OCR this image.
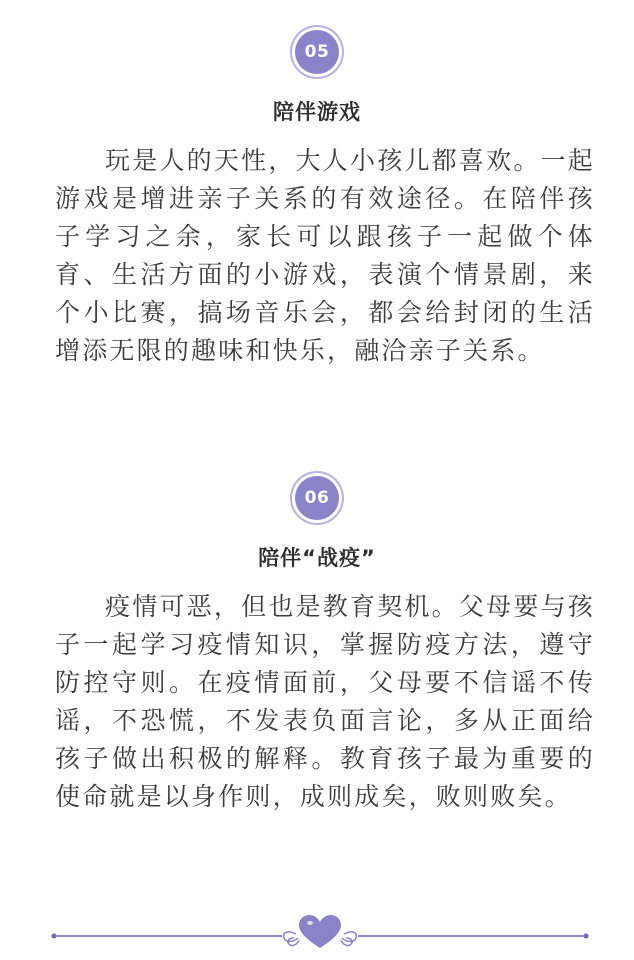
05
陪伴游戏

玩是人的天性，大人小孩儿都喜欢。一起游戏是增进亲子关系的有效途径。在陪伴孩子学习之余，家长可以跟孩子一起做个体育、生活方面的小游戏，表演个情景剧，来个小比赛，搞场音乐会，都会给封闭的生活增添无限的趣味和快乐，融洽亲子关系。

06
陪伴“战疫”

疫情可恶，但也是教育契机。父母要与孩子一起学习疫情知识，掌握防疫方法，遵守防控守则。在疫情面前，父母要不信谣不传谣，不恐慌，不发表负面言论，多从正面给孩子做出积极的解释。教育孩子最为重要的使命就是以身作则，成则成矣，败则败矣。
